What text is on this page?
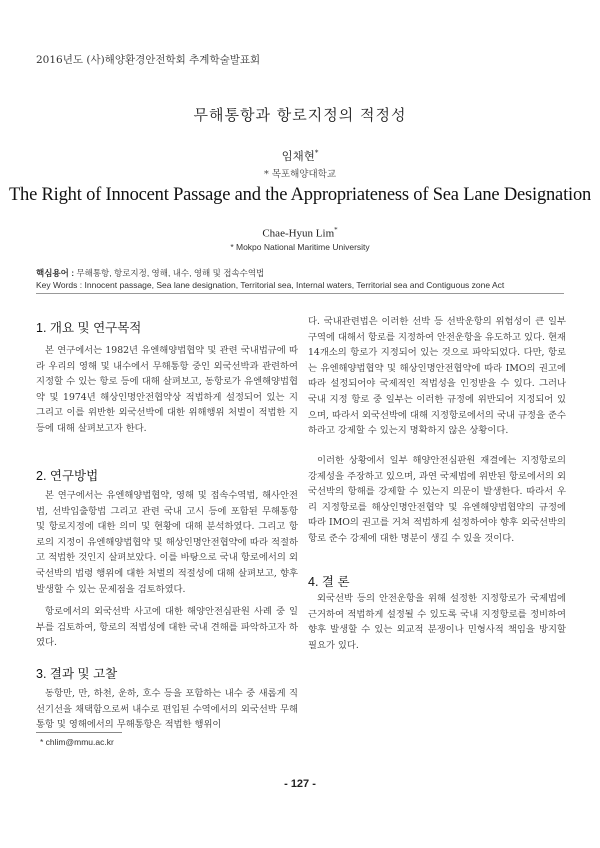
2016년도 (사)해양환경안전학회 추계학술발표회
무해통항과 항로지정의 적정성
임채현*
* 목포해양대학교
The Right of Innocent Passage and the Appropriateness of Sea Lane Designation
Chae-Hyun Lim*
* Mokpo National Maritime University
핵심용어 : 무해통항, 항로지정, 영해, 내수, 영해 및 접속수역법
Key Words : Innocent passage, Sea lane designation, Territorial sea, Internal waters, Territorial sea and Contiguous zone Act
1. 개요 및 연구목적

본 연구에서는 1982년 유엔해양법협약 및 관련 국내법규에 따라 우리의 영해 및 내수에서 무해통항 중인 외국선박과 관련하여 지정할 수 있는 항로 등에 대해 살펴보고, 동항로가 유엔해양법협약 및 1974년 해상인명안전협약상 적법하게 설정되어 있는 지 그리고 이를 위반한 외국선박에 대한 위해행위 처벌이 적법한 지 등에 대해 살펴보고자 한다.

2. 연구방법

본 연구에서는 유엔해양법협약, 영해 및 접속수역법, 해사안전법, 선박입출항법 그리고 관련 국내 고시 등에 포함된 무해통항 및 항로지정에 대한 의미 및 현황에 대해 분석하였다. 그리고 항로의 지정이 유엔해양법협약 및 해상인명안전협약에 따라 적절하고 적법한 것인지 살펴보았다. 이를 바탕으로 국내 항로에서의 외국선박의 법령 행위에 대한 처벌의 적절성에 대해 살펴보고, 향후 발생할 수 있는 문제점을 검토하였다.

항로에서의 외국선박 사고에 대한 해양안전심판원 사례 중 일부를 검토하여, 항로의 적법성에 대한 국내 견해를 파악하고자 하였다.

3. 결과 및 고찰

동항만, 만, 하천, 운하, 호수 등을 포함하는 내수 중 새롭게 직선기선을 채택함으로써 내수로 편입된 수역에서의 외국선박 무해통항 및 영해에서의 무해통항은 적법한 행위이

다. 국내관련법은 이러한 선박 등 선박운항의 위험성이 큰 일부 구역에 대해서 항로를 지정하여 안전운항을 유도하고 있다. 현재 14개소의 항로가 지정되어 있는 것으로 파악되었다. 다만, 항로는 유엔해양법협약 및 해상인명안전협약에 따라 IMO의 권고에 따라 설정되어야 국제적인 적법성을 인정받을 수 있다. 그러나 국내 지정 항로 중 일부는 이러한 규정에 위반되어 지정되어 있으며, 따라서 외국선박에 대해 지정항로에서의 국내 규정을 준수하라고 강제할 수 있는지 명확하지 않은 상황이다.

이러한 상황에서 일부 해양안전심판원 재결에는 지정항로의 강제성을 주장하고 있으며, 과연 국제법에 위반된 항로에서의 외국선박의 항해를 강제할 수 있는지 의문이 발생한다. 따라서 우리 지정항로를 해상인명안전협약 및 유엔해양법협약의 규정에 따라 IMO의 권고를 거쳐 적법하게 설정하여야 향후 외국선박의 항로 준수 강제에 대한 명분이 생길 수 있을 것이다.

4. 결 론

외국선박 등의 안전운항을 위해 설정한 지정항로가 국제법에 근거하여 적법하게 설정될 수 있도록 국내 지정항로를 정비하여 향후 발생할 수 있는 외교적 분쟁이나 민형사적 책임을 방지할 필요가 있다.

* chlim@mmu.ac.kr
- 127 -
